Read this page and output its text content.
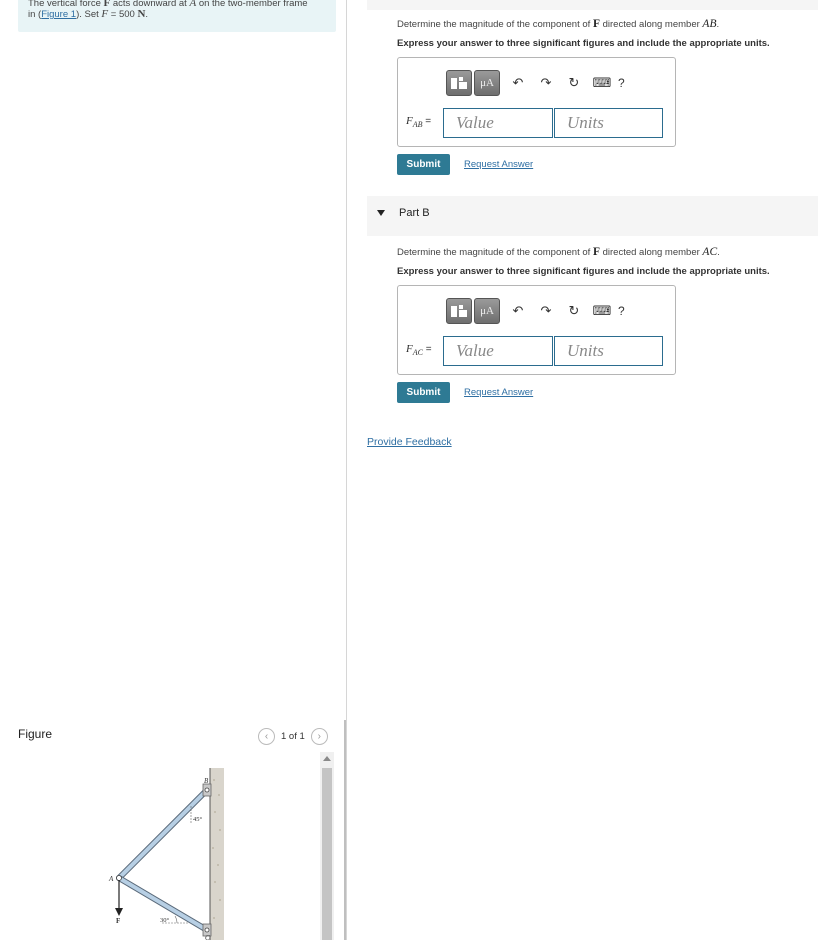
The vertical force F acts downward at A on the two-member frame
in (Figure 1). Set F = 500 N.
Figure	‹ 1 of 1 ›
B
A
F
C
45°
30°
Determine the magnitude of the component of F directed along member AB.
Express your answer to three significant figures and include the appropriate units.
μA	↶	↷	↻	⌨ ?
$F_{AB}$ =	Value	Units
Submit	Request Answer
Part B
Determine the magnitude of the component of F directed along member AC.
Express your answer to three significant figures and include the appropriate units.
μA	↶	↷	↻	⌨ ?
$F_{AC}$ =	Value	Units
Submit	Request Answer
Provide Feedback
